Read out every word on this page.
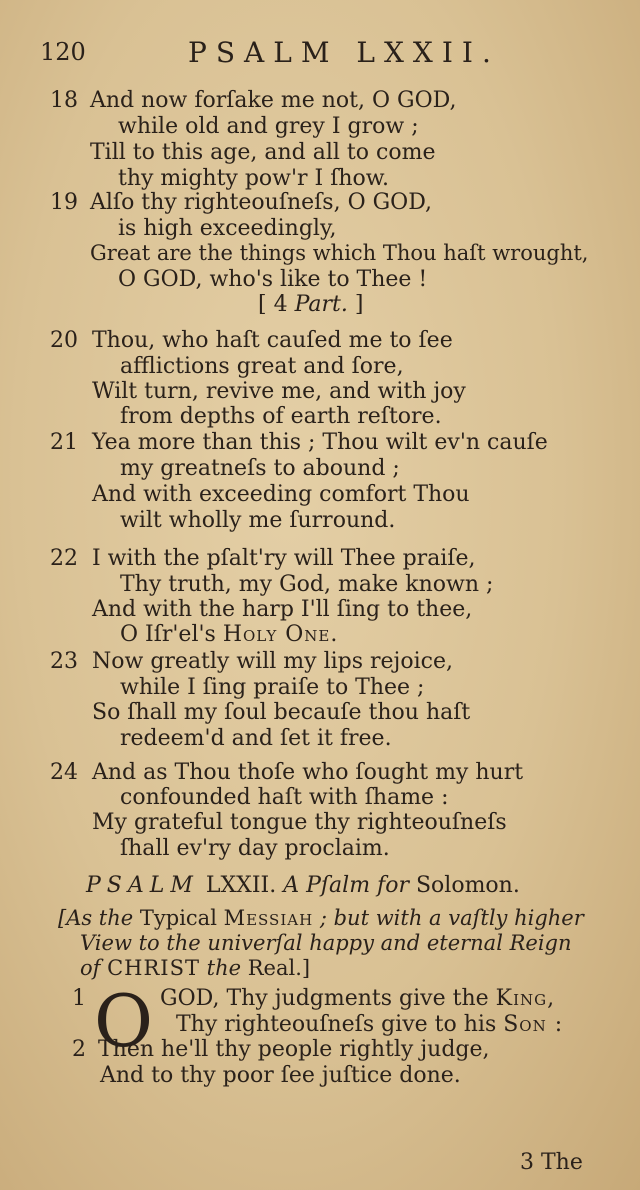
120	PSALM LXXII.
18 And now forſake me not, O GOD,
while old and grey I grow ;
Till to this age, and all to come
thy mighty pow'r I ſhow.
19 Alſo thy righteouſneſs, O GOD,
is high exceedingly,
Great are the things which Thou haſt wrought,
O GOD, who's like to Thee !
[ 4 Part. ]
20 Thou, who haſt cauſed me to ſee
afflictions great and ſore,
Wilt turn, revive me, and with joy
from depths of earth reſtore.
21 Yea more than this ; Thou wilt ev'n cauſe
my greatneſs to abound ;
And with exceeding comfort Thou
wilt wholly me ſurround.
22 I with the pſalt'ry will Thee praiſe,
Thy truth, my God, make known ;
And with the harp I'll ſing to thee,
O Iſr'el's Holy One.
23 Now greatly will my lips rejoice,
while I ſing praiſe to Thee ;
So ſhall my ſoul becauſe thou haſt
redeem'd and ſet it free.
24 And as Thou thoſe who ſought my hurt
confounded haſt with ſhame :
My grateful tongue thy righteouſneſs
ſhall ev'ry day proclaim.
PSALM LXXII. A Pſalm for Solomon.
[As the Typical Messiah ; but with a vaſtly higher
View to the univerſal happy and eternal Reign
of CHRIST the Real.]
1 O GOD, Thy judgments give the King,
Thy righteouſneſs give to his Son :
2 Then he'll thy people rightly judge,
And to thy poor ſee juſtice done.
3 The
